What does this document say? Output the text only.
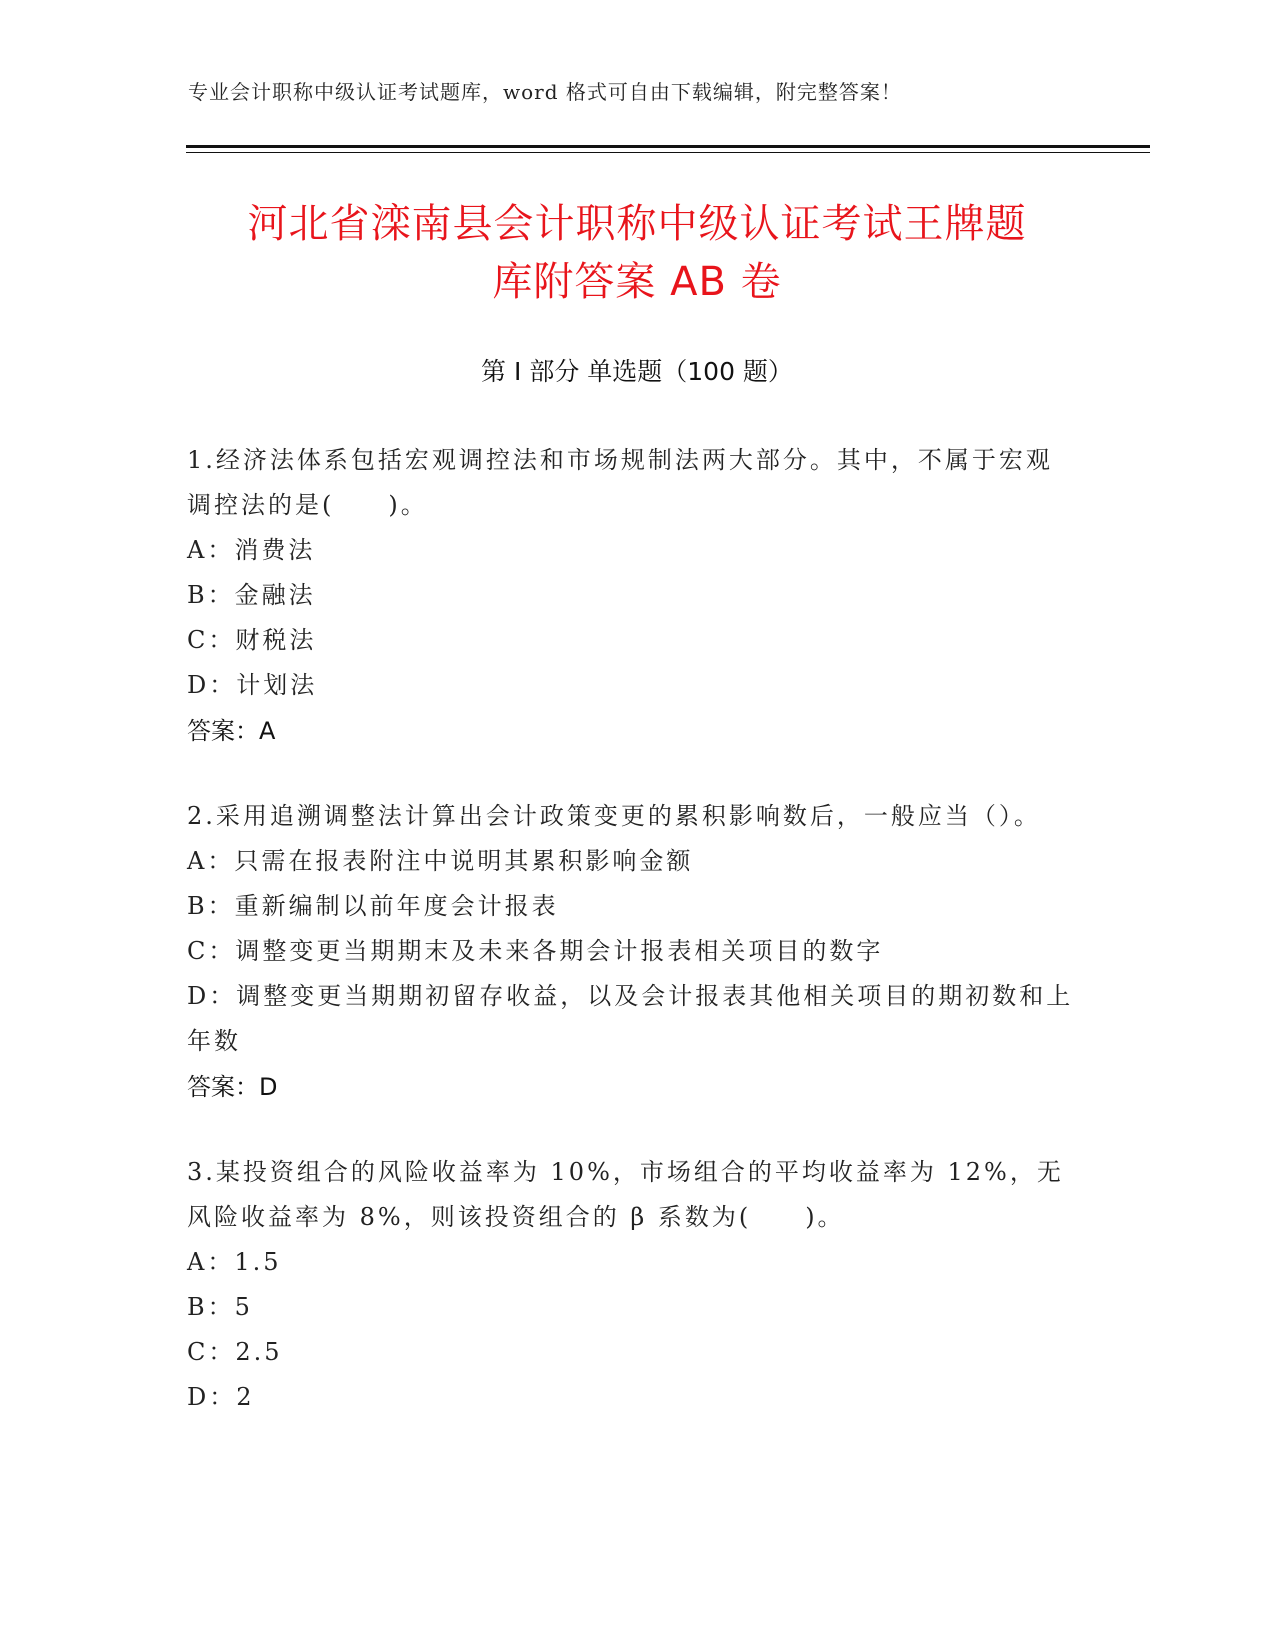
专业会计职称中级认证考试题库，word 格式可自由下载编辑，附完整答案！
河北省滦南县会计职称中级认证考试王牌题
库附答案 AB 卷
第 I 部分 单选题（100 题）

1.经济法体系包括宏观调控法和市场规制法两大部分。其中，不属于宏观调控法的是(　　)。

A：消费法

B：金融法

C：财税法

D：计划法

答案：A

2.采用追溯调整法计算出会计政策变更的累积影响数后，一般应当（）。

A：只需在报表附注中说明其累积影响金额

B：重新编制以前年度会计报表

C：调整变更当期期末及未来各期会计报表相关项目的数字

D：调整变更当期期初留存收益，以及会计报表其他相关项目的期初数和上年数

答案：D

3.某投资组合的风险收益率为 10%，市场组合的平均收益率为 12%，无风险收益率为 8%，则该投资组合的 β 系数为(　　)。

A：1.5

B：5

C：2.5

D：2
